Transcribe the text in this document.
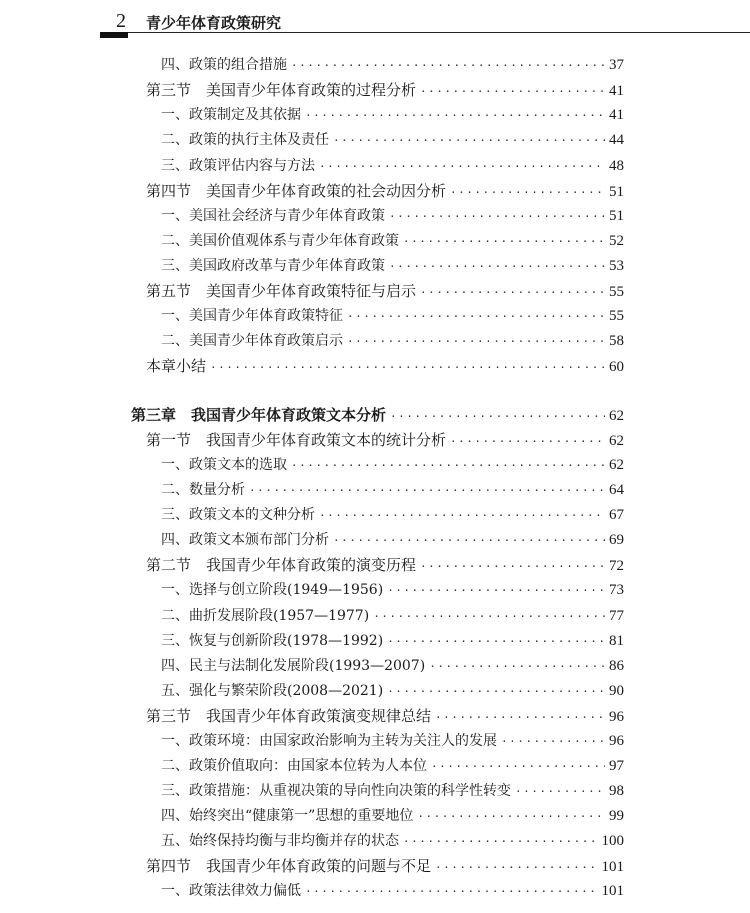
2 青少年体育政策研究
四、政策的组合措施 ·····	37
第三节　美国青少年体育政策的过程分析 ·····	41
一、政策制定及其依据 ·····	41
二、政策的执行主体及责任 ·····	44
三、政策评估内容与方法 ·····	48
第四节　美国青少年体育政策的社会动因分析 ·····	51
一、美国社会经济与青少年体育政策 ·····	51
二、美国价值观体系与青少年体育政策 ·····	52
三、美国政府改革与青少年体育政策 ·····	53
第五节　美国青少年体育政策特征与启示 ·····	55
一、美国青少年体育政策特征 ·····	55
二、美国青少年体育政策启示 ·····	58
本章小结 ·····	60
第三章　我国青少年体育政策文本分析 ·····	62
第一节　我国青少年体育政策文本的统计分析 ·····	62
一、政策文本的选取 ·····	62
二、数量分析 ·····	64
三、政策文本的文种分析 ·····	67
四、政策文本颁布部门分析 ·····	69
第二节　我国青少年体育政策的演变历程 ·····	72
一、选择与创立阶段(1949—1956) ·····	73
二、曲折发展阶段(1957—1977) ·····	77
三、恢复与创新阶段(1978—1992) ·····	81
四、民主与法制化发展阶段(1993—2007) ·····	86
五、强化与繁荣阶段(2008—2021) ·····	90
第三节　我国青少年体育政策演变规律总结 ·····	96
一、政策环境：由国家政治影响为主转为关注人的发展 ·····	96
二、政策价值取向：由国家本位转为人本位 ·····	97
三、政策措施：从重视决策的导向性向决策的科学性转变 ·····	98
四、始终突出“健康第一”思想的重要地位 ·····	99
五、始终保持均衡与非均衡并存的状态 ·····	100
第四节　我国青少年体育政策的问题与不足 ·····	101
一、政策法律效力偏低 ·····	101
